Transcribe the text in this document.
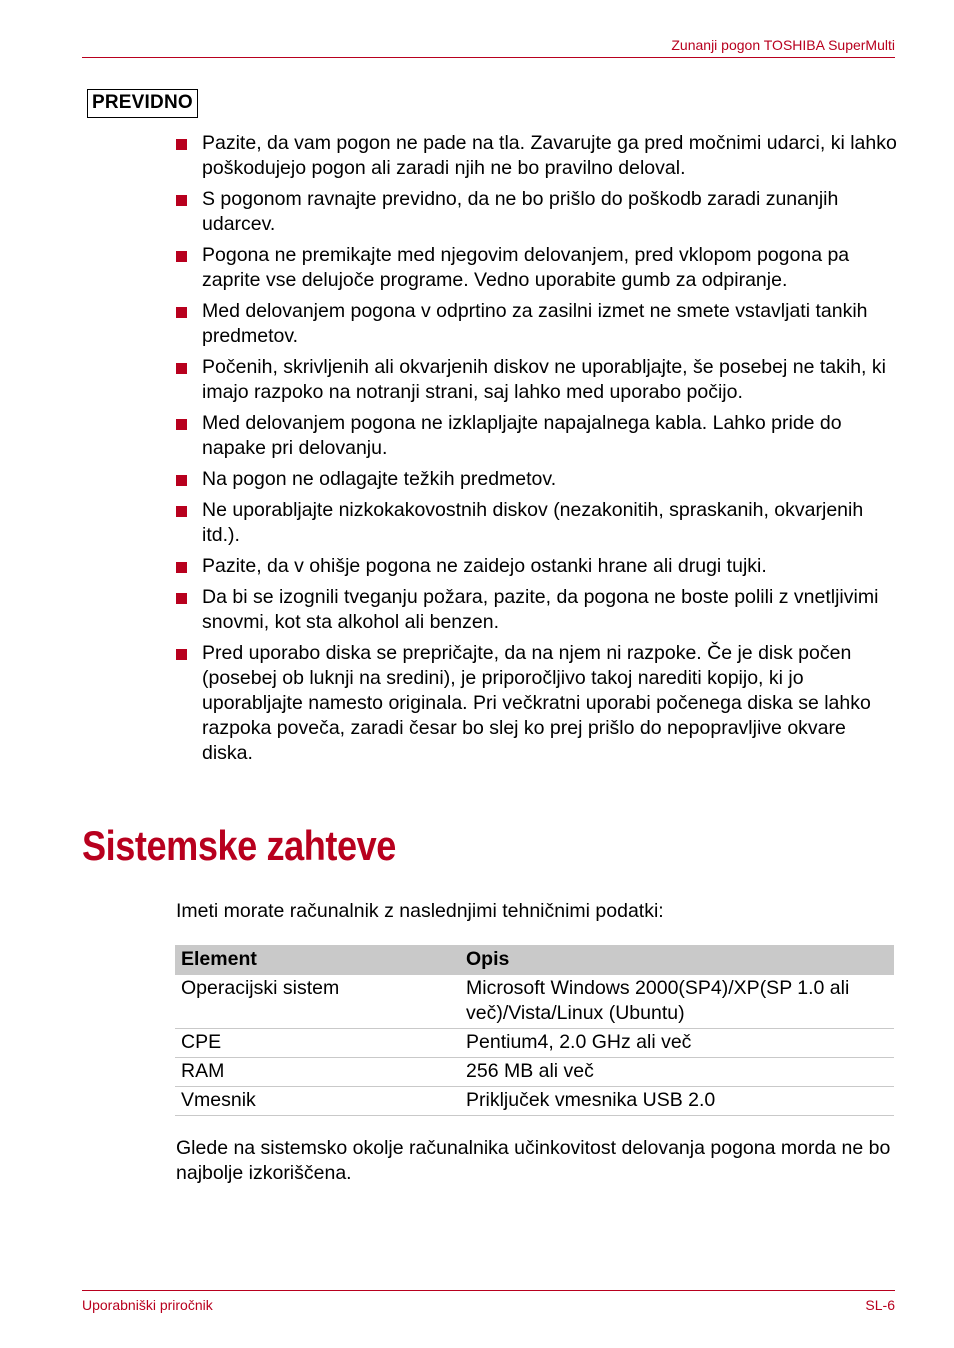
Zunanji pogon TOSHIBA SuperMulti
PREVIDNO
Pazite, da vam pogon ne pade na tla. Zavarujte ga pred močnimi udarci, ki lahko poškodujejo pogon ali zaradi njih ne bo pravilno deloval.
S pogonom ravnajte previdno, da ne bo prišlo do poškodb zaradi zunanjih udarcev.
Pogona ne premikajte med njegovim delovanjem, pred vklopom pogona pa zaprite vse delujoče programe. Vedno uporabite gumb za odpiranje.
Med delovanjem pogona v odprtino za zasilni izmet ne smete vstavljati tankih predmetov.
Počenih, skrivljenih ali okvarjenih diskov ne uporabljajte, še posebej ne takih, ki imajo razpoko na notranji strani, saj lahko med uporabo počijo.
Med delovanjem pogona ne izklapljajte napajalnega kabla. Lahko pride do napake pri delovanju.
Na pogon ne odlagajte težkih predmetov.
Ne uporabljajte nizkokakovostnih diskov (nezakonitih, spraskanih, okvarjenih itd.).
Pazite, da v ohišje pogona ne zaidejo ostanki hrane ali drugi tujki.
Da bi se izognili tveganju požara, pazite, da pogona ne boste polili z vnetljivimi snovmi, kot sta alkohol ali benzen.
Pred uporabo diska se prepričajte, da na njem ni razpoke. Če je disk počen (posebej ob luknji na sredini), je priporočljivo takoj narediti kopijo, ki jo uporabljajte namesto originala. Pri večkratni uporabi počenega diska se lahko razpoka poveča, zaradi česar bo slej ko prej prišlo do nepopravljive okvare diska.
Sistemske zahteve
Imeti morate računalnik z naslednjimi tehničnimi podatki:
Element	Opis
Operacijski sistem	Microsoft Windows 2000(SP4)/XP(SP 1.0 ali več)/Vista/Linux (Ubuntu)
CPE	Pentium4, 2.0 GHz ali več
RAM	256 MB ali več
Vmesnik	Priključek vmesnika USB 2.0
Glede na sistemsko okolje računalnika učinkovitost delovanja pogona morda ne bo najbolje izkoriščena.
Uporabniški priročnik	SL-6
